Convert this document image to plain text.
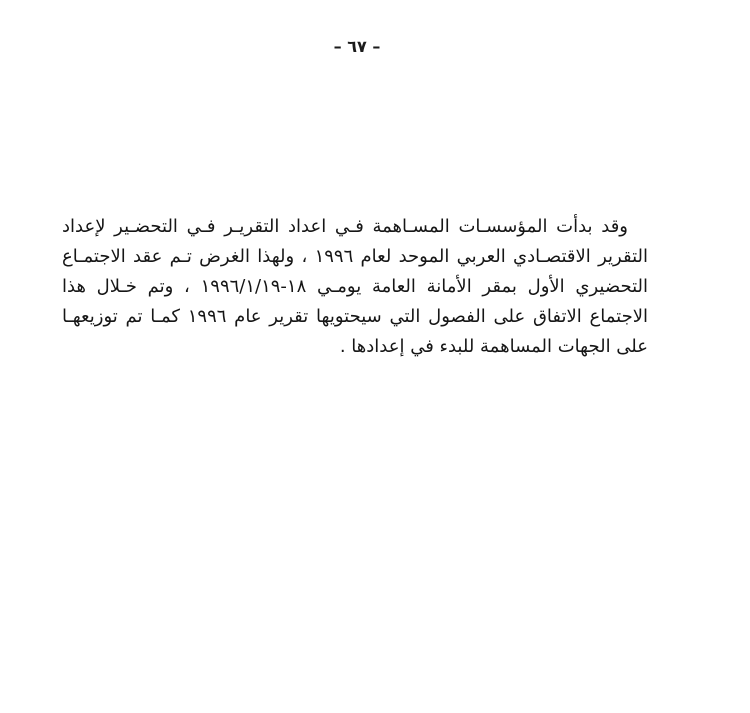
– ٦٧ –
وقد بدأت المؤسسـات المسـاهمة فـي اعداد التقريـر فـي التحضـير لإعداد
التقرير الاقتصـادي العربي الموحد لعام ١٩٩٦ ، ولهذا الغرض تـم عقد الاجتمـاع
التحضيري الأول بمقر الأمانة العامة يومـي ١٨-١٩٩٦/١/١٩ ، وتم خـلال هذا
الاجتماع الاتفاق على الفصول التي سيحتويها تقرير عام ١٩٩٦ كمـا تم توزيعهـا
على الجهات المساهمة للبدء في إعدادها .
